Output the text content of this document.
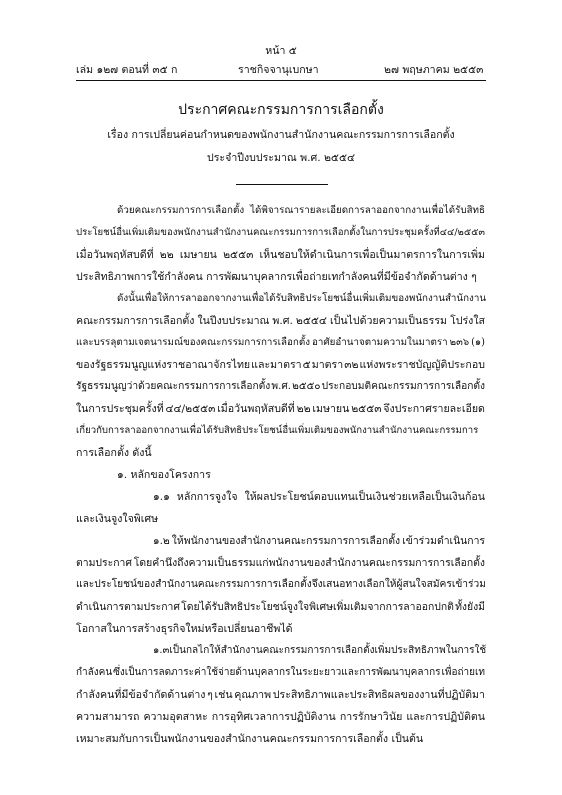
หน้า ๕
เล่ม ๑๒๗ ตอนที่ ๓๕ ก	ราชกิจจานุเบกษา	๒๗ พฤษภาคม ๒๕๕๓
ประกาศคณะกรรมการการเลือกตั้ง
เรื่อง การเปลี่ยนค่อนกำหนดของพนักงานสำนักงานคณะกรรมการการเลือกตั้ง
ประจำปีงบประมาณ พ.ศ. ๒๕๕๔
ด้วยคณะกรรมการการเลือกตั้ง ได้พิจารณารายละเอียดการลาออกจากงานเพื่อได้รับสิทธิ
ประโยชน์อื่นเพิ่มเติม ของพนักงานสำนักงานคณะกรรมการการเลือกตั้ง ในการประชุมครั้งที่ ๔๔/๒๕๕๓
เมื่อวันพฤหัสบดีที่ ๒๒ เมษายน ๒๕๕๓ เห็นชอบให้ดำเนินการเพื่อเป็นมาตรการในการเพิ่ม
ประสิทธิภาพการใช้กำลังคน การพัฒนาบุคลากรเพื่อถ่ายเทกำลังคนที่มีข้อจำกัดด้านต่าง ๆ
ดังนั้น เพื่อให้การลาออกจากงานเพื่อได้รับสิทธิประโยชน์อื่นเพิ่มเติมของพนักงานสำนักงาน
คณะกรรมการการเลือกตั้ง ในปีงบประมาณ พ.ศ. ๒๕๕๔ เป็นไปด้วยความเป็นธรรม โปร่งใส
และบรรลุตามเจตนารมณ์ของคณะกรรมการการเลือกตั้ง อาศัยอำนาจตามความในมาตรา ๒๓๖ (๑)
ของรัฐธรรมนูญแห่งราชอาณาจักรไทย และมาตรา ๕ มาตรา ๓๒ แห่งพระราชบัญญัติประกอบ
รัฐธรรมนูญว่าด้วยคณะกรรมการการเลือกตั้ง พ.ศ. ๒๕๕๐ ประกอบมติคณะกรรมการการเลือกตั้ง
ในการประชุมครั้งที่ ๔๔/๒๕๕๓ เมื่อวันพฤหัสบดีที่ ๒๒ เมษายน ๒๕๕๓ จึงประกาศรายละเอียด
เกี่ยวกับการลาออกจากงานเพื่อได้รับสิทธิประโยชน์อื่นเพิ่มเติมของพนักงานสำนักงานคณะกรรมการ
การเลือกตั้ง ดังนี้
๑. หลักของโครงการ
๑.๑ หลักการจูงใจ ให้ผลประโยชน์ตอบแทนเป็นเงินช่วยเหลือเป็นเงินก้อน
และเงินจูงใจพิเศษ
๑.๒ ให้พนักงานของสำนักงานคณะกรรมการการเลือกตั้ง เข้าร่วมดำเนินการ
ตามประกาศ โดยคำนึงถึงความเป็นธรรมแก่พนักงานของสำนักงานคณะกรรมการการเลือกตั้ง
และประโยชน์ของสำนักงานคณะกรรมการการเลือกตั้ง จึงเสนอทางเลือกให้ผู้สนใจสมัครเข้าร่วม
ดำเนินการตามประกาศ โดยได้รับสิทธิประโยชน์จูงใจพิเศษเพิ่มเติมจากการลาออกปกติ ทั้งยังมี
โอกาสในการสร้างธุรกิจใหม่หรือเปลี่ยนอาชีพได้
๑.๓ เป็นกลไกให้สำนักงานคณะกรรมการการเลือกตั้งเพิ่มประสิทธิภาพในการใช้
กำลังคน ซึ่งเป็นการลดภาระค่าใช้จ่ายด้านบุคลากรในระยะยาวและการพัฒนาบุคลากร เพื่อถ่ายเท
กำลังคนที่มีข้อจำกัดด้านต่าง ๆ เช่น คุณภาพ ประสิทธิภาพและประสิทธิผลของงานที่ปฏิบัติมา
ความสามารถ ความอุตสาหะ การอุทิศเวลาการปฏิบัติงาน การรักษาวินัย และการปฏิบัติตน
เหมาะสมกับการเป็นพนักงานของสำนักงานคณะกรรมการการเลือกตั้ง เป็นต้น
